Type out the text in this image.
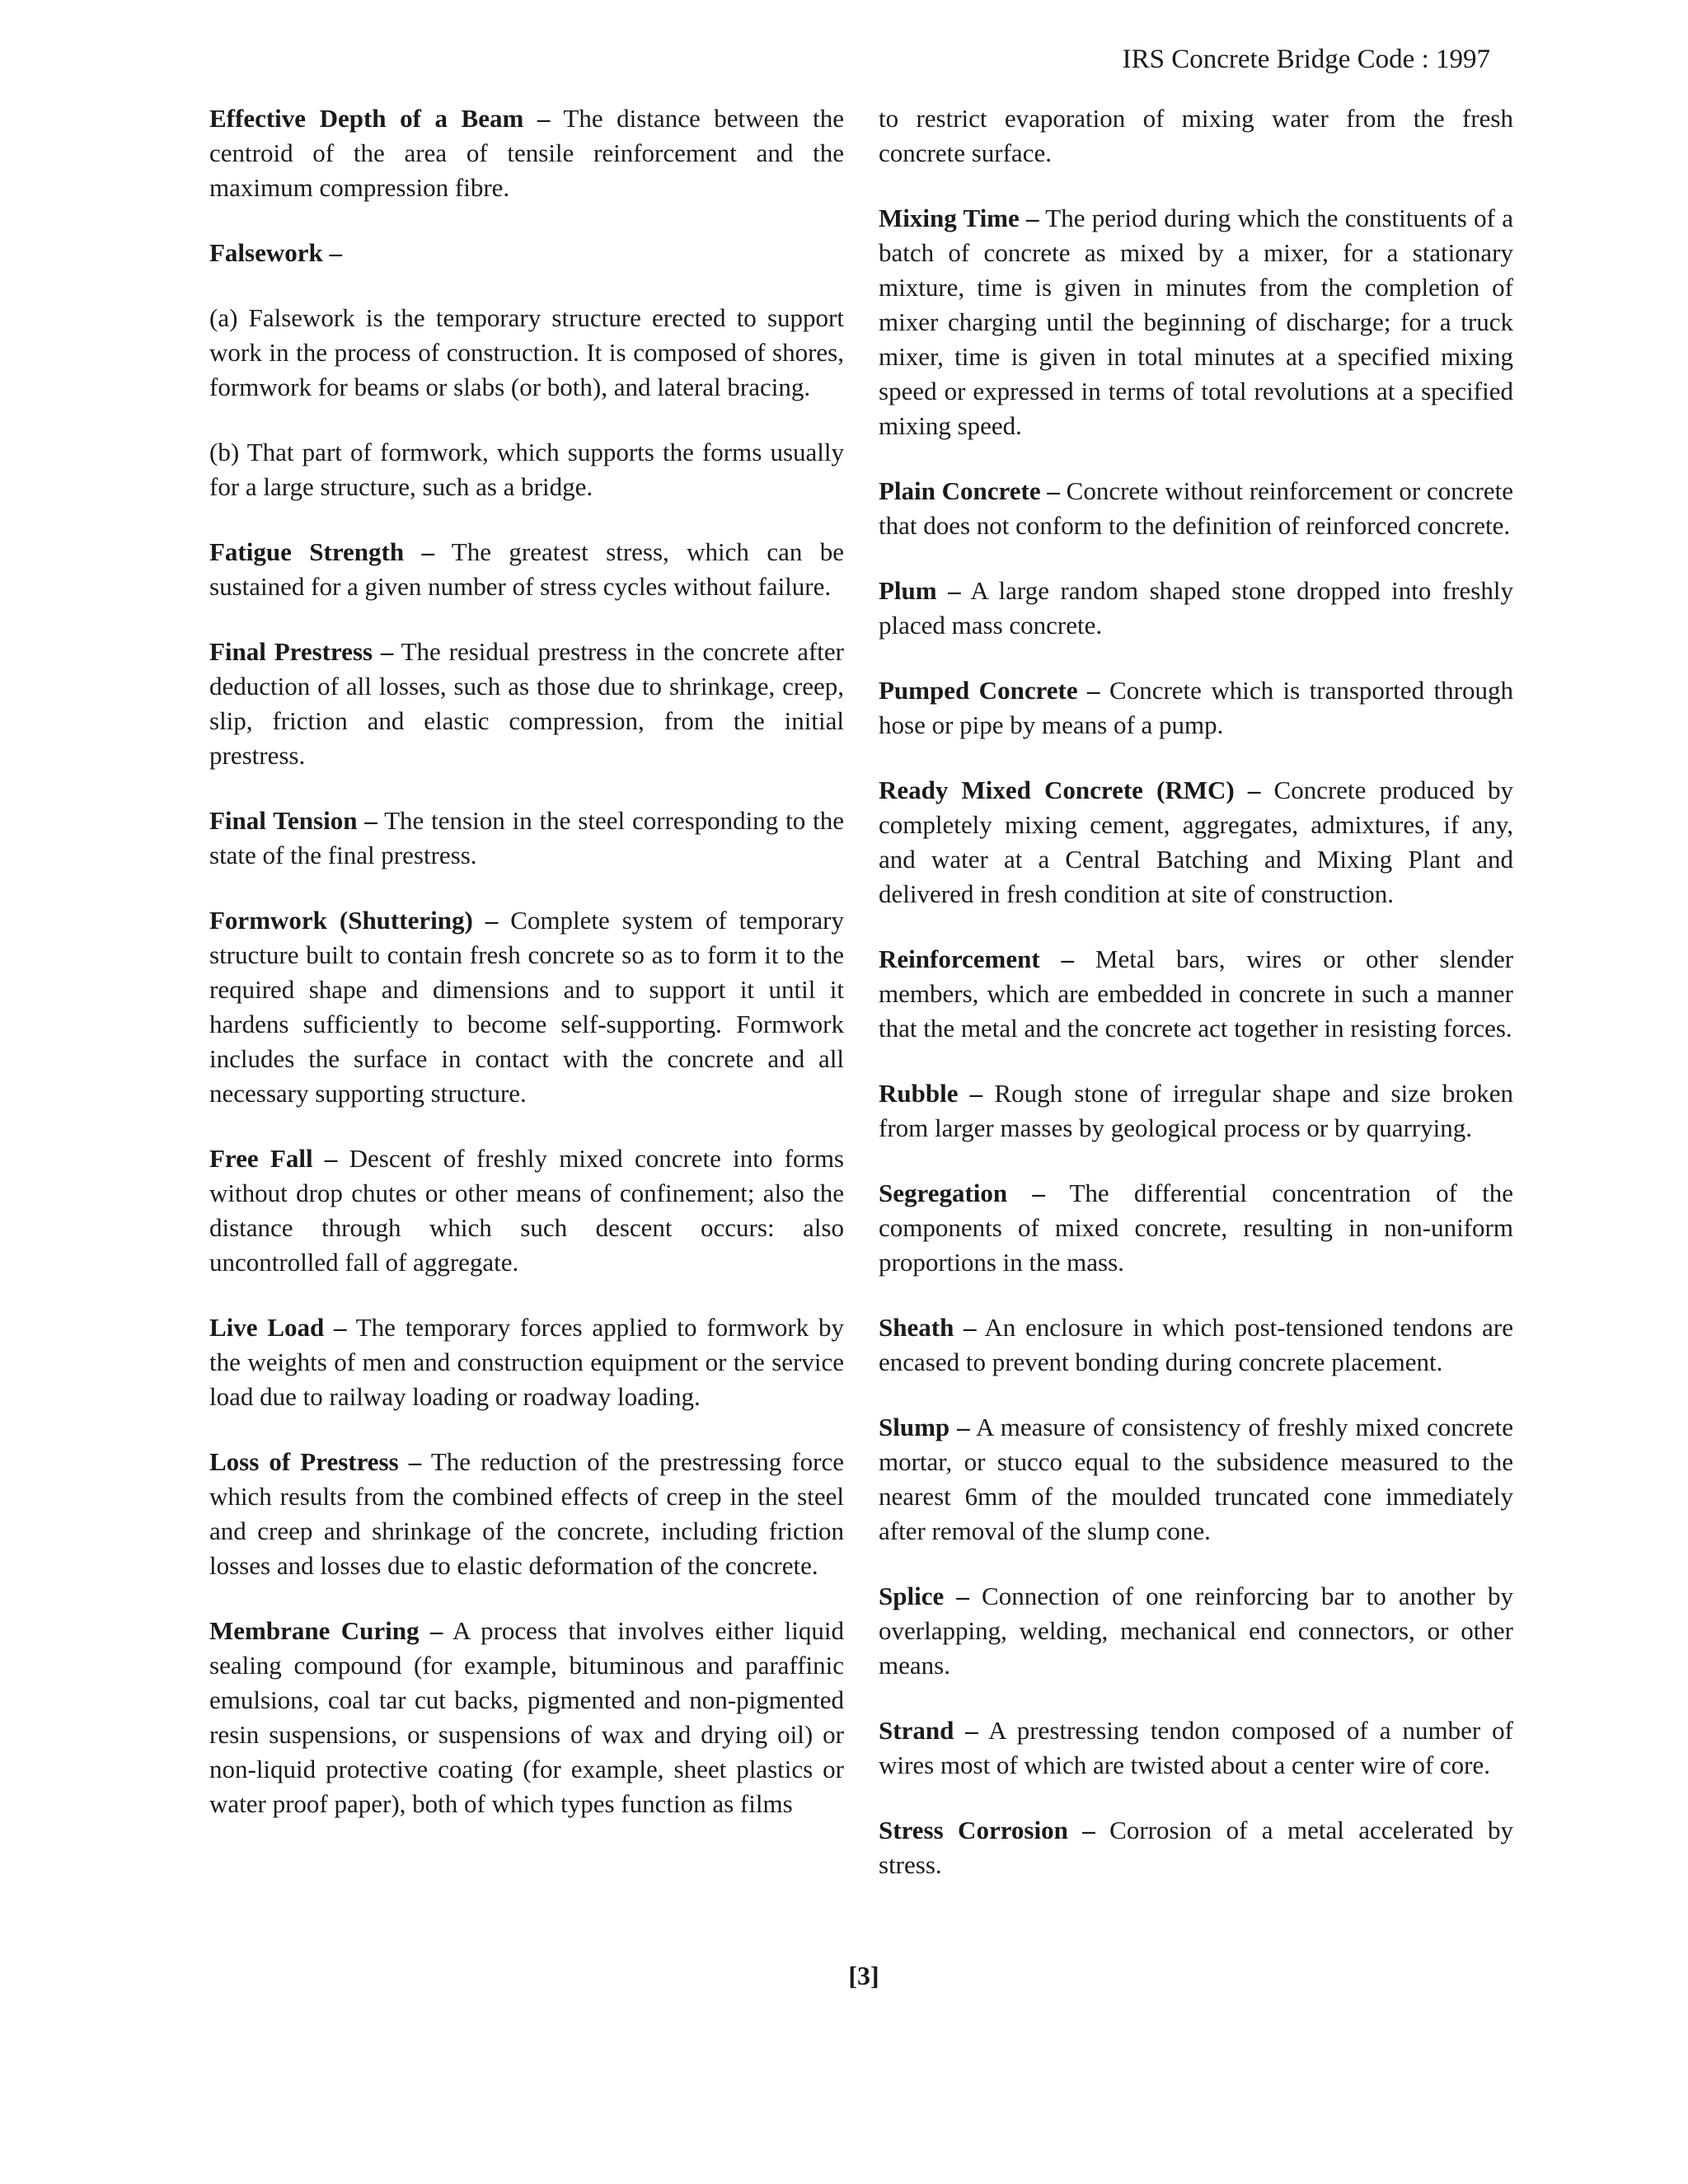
IRS Concrete Bridge Code : 1997

Effective Depth of a Beam – The distance between the centroid of the area of tensile reinforcement and the maximum compression fibre.

Falsework –

(a) Falsework is the temporary structure erected to support work in the process of construction. It is composed of shores, formwork for beams or slabs (or both), and lateral bracing.

(b) That part of formwork, which supports the forms usually for a large structure, such as a bridge.

Fatigue Strength – The greatest stress, which can be sustained for a given number of stress cycles without failure.

Final Prestress – The residual prestress in the concrete after deduction of all losses, such as those due to shrinkage, creep, slip, friction and elastic compression, from the initial prestress.

Final Tension – The tension in the steel corresponding to the state of the final prestress.

Formwork (Shuttering) – Complete system of temporary structure built to contain fresh concrete so as to form it to the required shape and dimensions and to support it until it hardens sufficiently to become self-supporting. Formwork includes the surface in contact with the concrete and all necessary supporting structure.

Free Fall – Descent of freshly mixed concrete into forms without drop chutes or other means of confinement; also the distance through which such descent occurs: also uncontrolled fall of aggregate.

Live Load – The temporary forces applied to formwork by the weights of men and construction equipment or the service load due to railway loading or roadway loading.

Loss of Prestress – The reduction of the prestressing force which results from the combined effects of creep in the steel and creep and shrinkage of the concrete, including friction losses and losses due to elastic deformation of the concrete.

Membrane Curing – A process that involves either liquid sealing compound (for example, bituminous and paraffinic emulsions, coal tar cut backs, pigmented and non-pigmented resin suspensions, or suspensions of wax and drying oil) or non-liquid protective coating (for example, sheet plastics or water proof paper), both of which types function as films

to restrict evaporation of mixing water from the fresh concrete surface.

Mixing Time – The period during which the constituents of a batch of concrete as mixed by a mixer, for a stationary mixture, time is given in minutes from the completion of mixer charging until the beginning of discharge; for a truck mixer, time is given in total minutes at a specified mixing speed or expressed in terms of total revolutions at a specified mixing speed.

Plain Concrete – Concrete without reinforcement or concrete that does not conform to the definition of reinforced concrete.

Plum – A large random shaped stone dropped into freshly placed mass concrete.

Pumped Concrete – Concrete which is transported through hose or pipe by means of a pump.

Ready Mixed Concrete (RMC) – Concrete produced by completely mixing cement, aggregates, admixtures, if any, and water at a Central Batching and Mixing Plant and delivered in fresh condition at site of construction.

Reinforcement – Metal bars, wires or other slender members, which are embedded in concrete in such a manner that the metal and the concrete act together in resisting forces.

Rubble – Rough stone of irregular shape and size broken from larger masses by geological process or by quarrying.

Segregation – The differential concentration of the components of mixed concrete, resulting in non-uniform proportions in the mass.

Sheath – An enclosure in which post-tensioned tendons are encased to prevent bonding during concrete placement.

Slump – A measure of consistency of freshly mixed concrete mortar, or stucco equal to the subsidence measured to the nearest 6mm of the moulded truncated cone immediately after removal of the slump cone.

Splice – Connection of one reinforcing bar to another by overlapping, welding, mechanical end connectors, or other means.

Strand – A prestressing tendon composed of a number of wires most of which are twisted about a center wire of core.

Stress Corrosion – Corrosion of a metal accelerated by stress.

[3]
